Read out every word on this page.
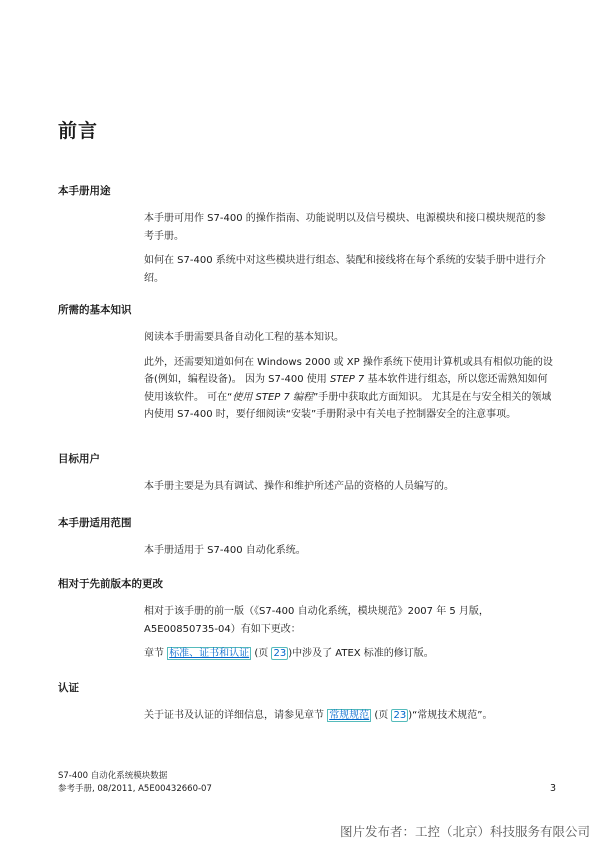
前言
本手册用途

本手册可用作 S7-400 的操作指南、功能说明以及信号模块、电源模块和接口模块规范的参考手册。

如何在 S7-400 系统中对这些模块进行组态、装配和接线将在每个系统的安装手册中进行介绍。

所需的基本知识

阅读本手册需要具备自动化工程的基本知识。

此外，还需要知道如何在 Windows 2000 或 XP 操作系统下使用计算机或具有相似功能的设备(例如，编程设备)。 因为 S7-400 使用 STEP 7 基本软件进行组态，所以您还需熟知如何使用该软件。 可在“使用 STEP 7 编程”手册中获取此方面知识。 尤其是在与安全相关的领域内使用 S7-400 时，要仔细阅读“安装”手册附录中有关电子控制器安全的注意事项。

目标用户

本手册主要是为具有调试、操作和维护所述产品的资格的人员编写的。

本手册适用范围

本手册适用于 S7-400 自动化系统。

相对于先前版本的更改

相对于该手册的前一版（《S7-400 自动化系统，模块规范》2007 年 5 月版，A5E00850735-04）有如下更改：

章节 标准、证书和认证 (页 23 )中涉及了 ATEX 标准的修订版。

认证

关于证书及认证的详细信息，请参见章节 常规规范 (页 23 )“常规技术规范”。

S7-400 自动化系统模块数据
参考手册, 08/2011, A5E00432660-07	3
图片发布者：工控（北京）科技服务有限公司
